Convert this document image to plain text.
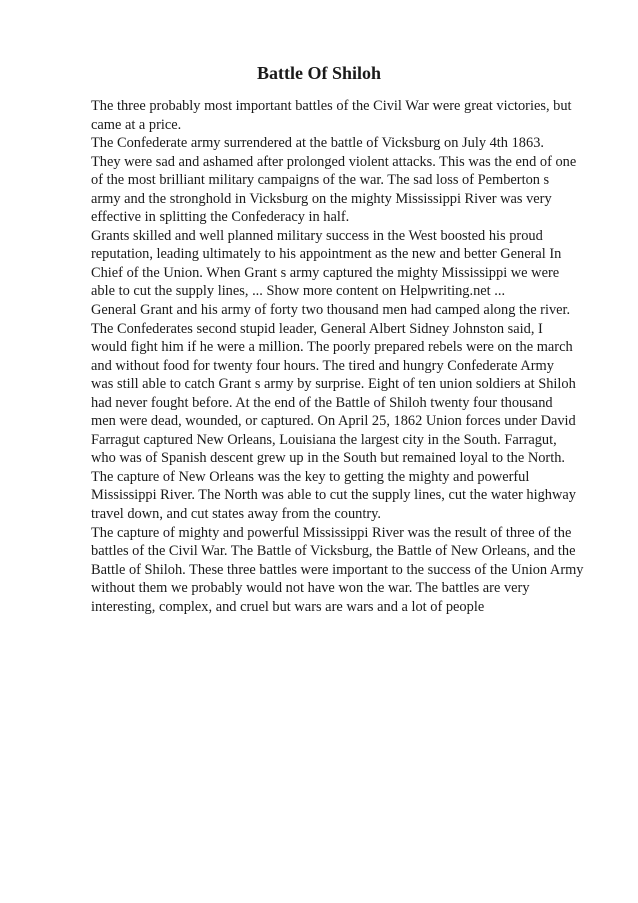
Battle Of Shiloh
The three probably most important battles of the Civil War were great victories, but
came at a price.
The Confederate army surrendered at the battle of Vicksburg on July 4th 1863.
They were sad and ashamed after prolonged violent attacks. This was the end of one
of the most brilliant military campaigns of the war. The sad loss of Pemberton s
army and the stronghold in Vicksburg on the mighty Mississippi River was very
effective in splitting the Confederacy in half.
Grants skilled and well planned military success in the West boosted his proud
reputation, leading ultimately to his appointment as the new and better General In
Chief of the Union. When Grant s army captured the mighty Mississippi we were
able to cut the supply lines, ... Show more content on Helpwriting.net ...
General Grant and his army of forty two thousand men had camped along the river.
The Confederates second stupid leader, General Albert Sidney Johnston said, I
would fight him if he were a million. The poorly prepared rebels were on the march
and without food for twenty four hours. The tired and hungry Confederate Army
was still able to catch Grant s army by surprise. Eight of ten union soldiers at Shiloh
had never fought before. At the end of the Battle of Shiloh twenty four thousand
men were dead, wounded, or captured. On April 25, 1862 Union forces under David
Farragut captured New Orleans, Louisiana the largest city in the South. Farragut,
who was of Spanish descent grew up in the South but remained loyal to the North.
The capture of New Orleans was the key to getting the mighty and powerful
Mississippi River. The North was able to cut the supply lines, cut the water highway
travel down, and cut states away from the country.
The capture of mighty and powerful Mississippi River was the result of three of the
battles of the Civil War. The Battle of Vicksburg, the Battle of New Orleans, and the
Battle of Shiloh. These three battles were important to the success of the Union Army
without them we probably would not have won the war. The battles are very
interesting, complex, and cruel but wars are wars and a lot of people
